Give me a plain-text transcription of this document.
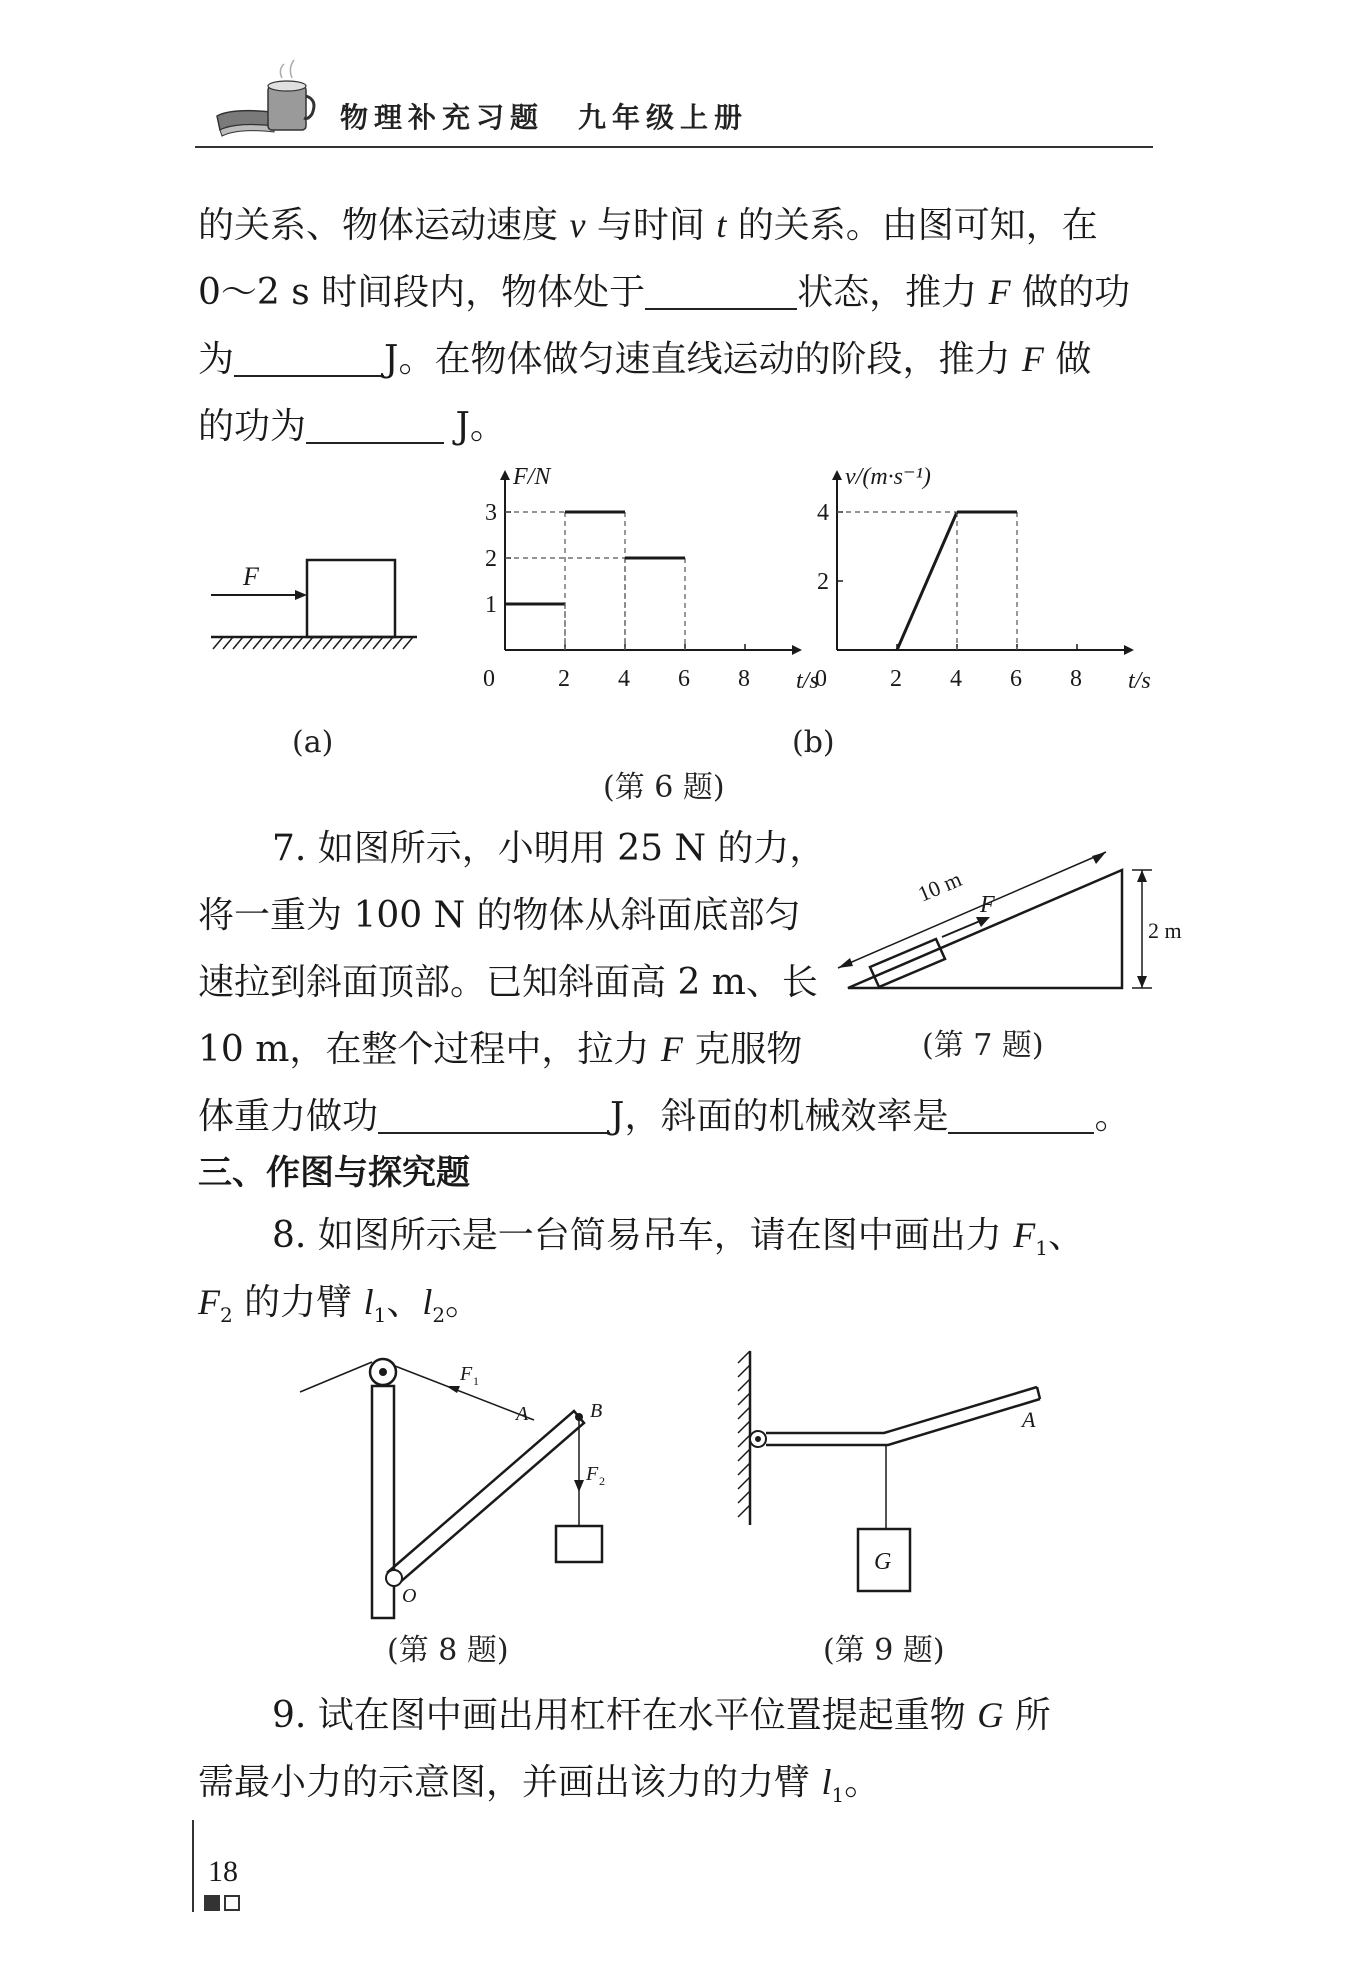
物理补充习题　九年级上册
的关系、物体运动速度 v 与时间 t 的关系。由图可知，在
0～2 s 时间段内，物体处于	状态，推力 F 做的功
为	J。在物体做匀速直线运动的阶段，推力 F 做
的功为	J。
F
(a)
F/N
t/s
0	2 4 6 8
1
2
3
v/(m·s⁻¹)
t/s
0	2 4 6 8
2
4
(b)
(第 6 题)
7. 如图所示，小明用 25 N 的力，
将一重为 100 N 的物体从斜面底部匀
速拉到斜面顶部。已知斜面高 2 m、长
10 m，在整个过程中，拉力 F 克服物
体重力做功	J，斜面的机械效率是	。
F
10 m
2 m
(第 7 题)
三、作图与探究题
8. 如图所示是一台简易吊车，请在图中画出力 $F_1$、
$F_2$ 的力臂 $l_1$、$l_2$。
F 1
A	B
F 2
O
(第 8 题)
G
A
(第 9 题)
9. 试在图中画出用杠杆在水平位置提起重物 G 所
需最小力的示意图，并画出该力的力臂 $l_1$。
18
